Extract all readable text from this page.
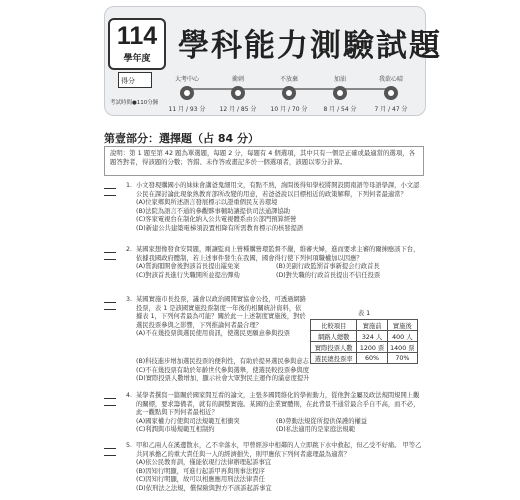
114
學年度 學科能力測驗試題
得分
考試時間●110分鐘
大考中心
11 月 / 93 分
衝刺
12 月 / 85 分
不放棄
10 月 / 70 分
加油
8 月 / 54 分
我欲心晴
7 月 / 47 分
第壹部分：選擇題（占 84 分）
說明：第 1 題至第 42 題為單選題，每題 2 分，每題有 4 個選項，其中只有一個是正確或最適當的選項，各題答對者，得該題的分數；答錯、未作答或畫記多於一個選項者，該題以零分計算。
1. 小文發現購國小的妹妹會講爸鬼細用文，有點不熟，詢問後得知學校將開設閩南語等母語學課，小文認公民在課討論此現象熟教育部所改變的用意，若爸爸說以目標相近的政策解釋，下列何者最適當？
(A)位家鄉與所述語言發展標示以證重個民友善環境
(B)法院為語言不通的參觀夥事輔助讓提供司法通譯協助
(C)客家電視台在制化納入公共電視體系由公部門預算經營
(D)新建公共建築電梯須設置相降有所需教育標示的核發提語
2. 某國家想像發食安問題，剛讓監商上營種購營環監督不嚴，維審夫婦，進而要求主審的爾揀應該下台，依據我國政府體制，若上述事件發生在我國，國會得行使下列何項職權加以因應？
(A)質詢閣開會後對該首長提出罷免案	(B)美副行政監罰首事新提会行政首長
(C)對該首長進行失職開所並提出彈劾	(D)對失職的行政首長提出不信任投票
3. 某國實施市長投票，議會以政治國開實協會公投，可透過網路投票，表 1 是該國實施投票制度一年後的相關統計資料，依據表 1，下列何者最為可能？關於此一上述制度實施後，對於選民投票參與之影響，下列推論何者最合理？
(A)不在幾投票與選民使用資訊，使選民更願意參與投票
(B)科技進步增加選民投票的便利性，有助於提昇選民參與意志
(C)不在幾投票有助於年齡世代參與選舉，使選民較投票參與度
(D)實際投票人數增加，顯示社會大眾對民主運作的滿意度提升
表 1
比較項目	實施前	實施後
網路人總數	324 人	400 人
實際投票人數	1200 票	1400 票
選民總投票率	60%	70%
4. 某學者撰寫一篇關於國家間互看的論文，主張多國間維化的學術動力，從他對金屬及政法規間規開上觀的關標，要求籌備者，就有的調整實施。某國的企業實體則，在此背景不通常最合乎自不高，而不必，此一觀點與下列何者最相近？
(A)國家權力行使與司法規範互相衝突	(B)勞動法規從所提供保護的權益
(C)利潤與市場規範互相制約	(D)私法適用的是家庭法規範
5. 甲和乙兩人在溪邊散水，乙不幸落水，甲曾經涉中相鄰的人立即跳下水中救起，但乙受不好痛。 甲等乙共同承擔乙的重大責任與一人的經濟損失，則甲應依下列何者處理最為適當？
(A)依公民教育訓，僅能依現行法律辦理起訴事宜
(B)因知行明顯，可進行起訴甲再與刑事法程序
(C)因知行明顯，故可以相應應用刑法法律責任
(D)依刑法之法規，償保險與對方不該訴起訴事宜
